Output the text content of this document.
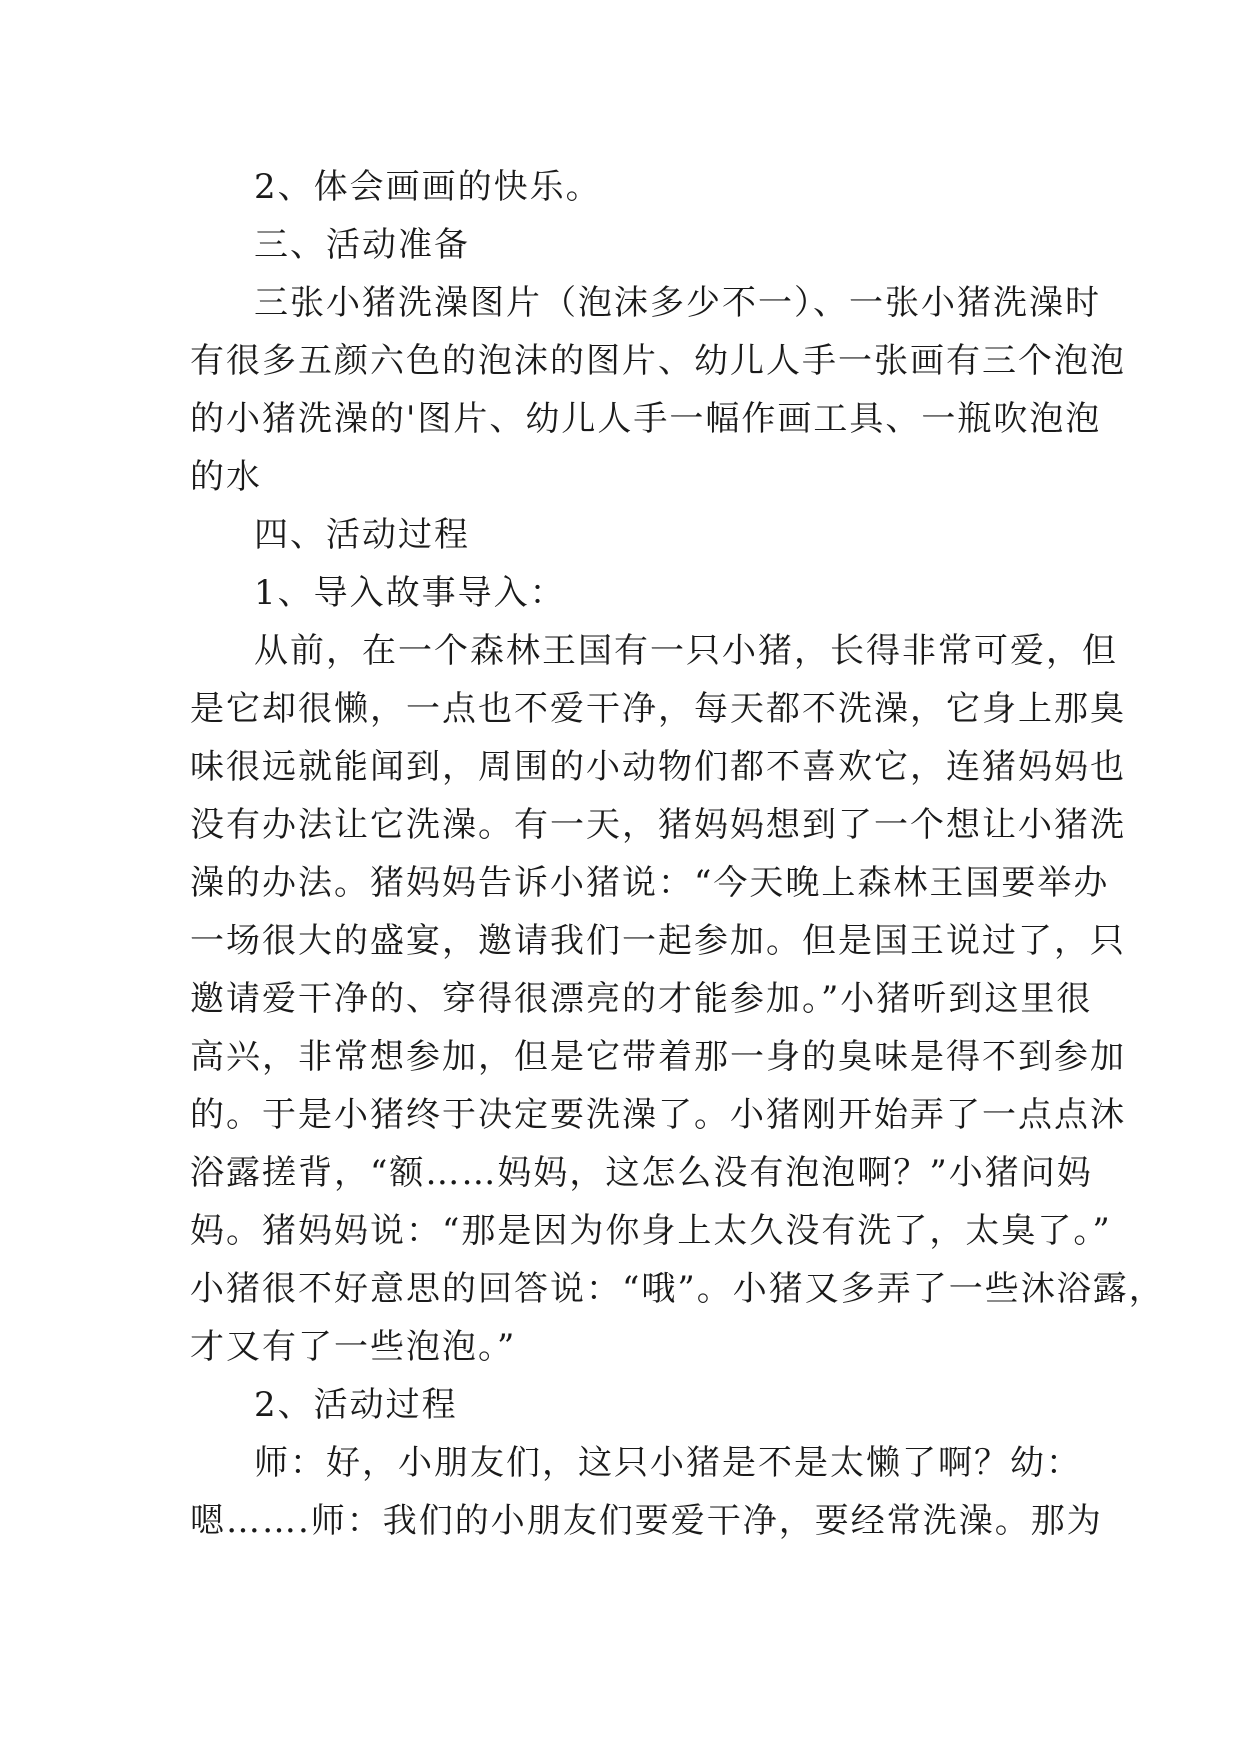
2、体会画画的快乐。

三、活动准备

三张小猪洗澡图片（泡沫多少不一）、一张小猪洗澡时

有很多五颜六色的泡沫的图片、幼儿人手一张画有三个泡泡

的小猪洗澡的'图片、幼儿人手一幅作画工具、一瓶吹泡泡

的水

四、活动过程

1、导入故事导入：

从前，在一个森林王国有一只小猪，长得非常可爱，但

是它却很懒，一点也不爱干净，每天都不洗澡，它身上那臭

味很远就能闻到，周围的小动物们都不喜欢它，连猪妈妈也

没有办法让它洗澡。有一天，猪妈妈想到了一个想让小猪洗

澡的办法。猪妈妈告诉小猪说：“今天晚上森林王国要举办

一场很大的盛宴，邀请我们一起参加。但是国王说过了，只

邀请爱干净的、穿得很漂亮的才能参加。”小猪听到这里很

高兴，非常想参加，但是它带着那一身的臭味是得不到参加

的。于是小猪终于决定要洗澡了。小猪刚开始弄了一点点沐

浴露搓背，“额……妈妈，这怎么没有泡泡啊？”小猪问妈

妈。猪妈妈说：“那是因为你身上太久没有洗了，太臭了。”

小猪很不好意思的回答说：“哦”。小猪又多弄了一些沐浴露，

才又有了一些泡泡。”

2、活动过程

师：好，小朋友们，这只小猪是不是太懒了啊？幼：

嗯…….师：我们的小朋友们要爱干净，要经常洗澡。那为
